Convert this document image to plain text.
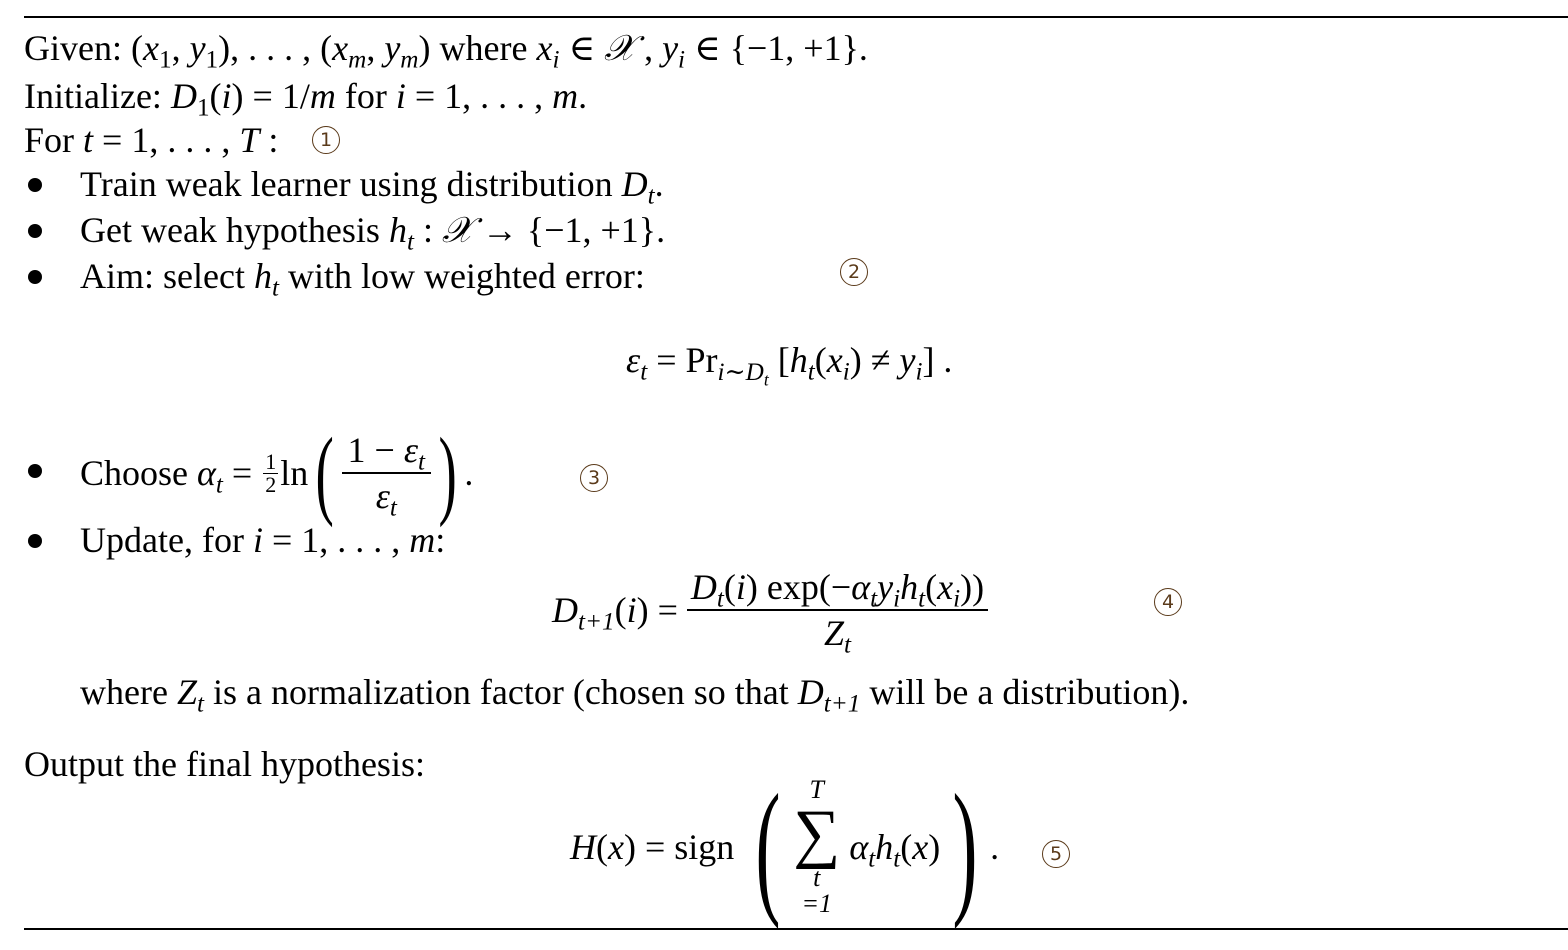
Given: ($x_1$, $y_1$), . . . , ($x_m$, $y_m$) where $x_i$ ∈ 𝒳 , $y_i$ ∈ {−1, +1}.
Initialize: $D_1(i) = 1/m$ for i = 1, . . . , m.
For t = 1, . . . , T :	1
Train weak learner using distribution $D_t$.
Get weak hypothesis $h_t$ : 𝒳 → {−1, +1}.
Aim: select $h_t$ with low weighted error:	2
$\varepsilon_t = Pr_{i\sim D_t}$ $[h_t(x_i) \ne y_i]$ .
Choose
$\alpha_t = 1$
2 ln ( $\frac{1 - \varepsilon_t}{\varepsilon_t}$ ) .	3
Update, for i = 1, . . . , m:
$D_{t+1}$ ( i ) = $\frac{D_t(i) \exp(-\alpha_ty_ih_t(x_i))}{Z_t}$	4
where $Z_t$ is a normalization factor (chosen so that $D_{t+1}$ will be a distribution).
Output the final hypothesis:
H ( x ) = sign
(	T
∑
t
=1

$\alpha_th_t$ ( x ) ) .	5
